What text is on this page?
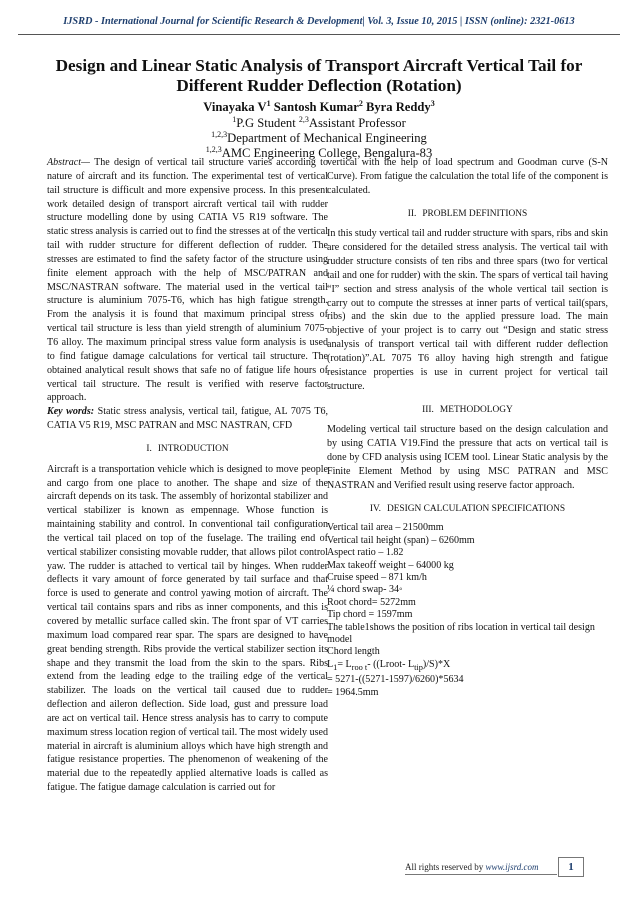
IJSRD - International Journal for Scientific Research & Development| Vol. 3, Issue 10, 2015 | ISSN (online): 2321-0613
Design and Linear Static Analysis of Transport Aircraft Vertical Tail for Different Rudder Deflection (Rotation)
Vinayaka $V^1$ Santosh Kumar$^2$ Byra Reddy$^3$
$^1$P.G Student $^{2,3}$Assistant Professor
$^{1,2,3}$Department of Mechanical Engineering
$^{1,2,3}$AMC Engineering College, Bengalura-83

Abstract— The design of vertical tail structure varies according to nature of aircraft and its function. The experimental test of vertical tail structure is difficult and more expensive process. In this present work detailed design of transport aircraft vertical tail with rudder structure modelling done by using CATIA V5 R19 software. The static stress analysis is carried out to find the stresses at of the vertical tail with rudder structure for different deflection of rudder. The stresses are estimated to find the safety factor of the structure using finite element approach with the help of MSC/PATRAN and MSC/NASTRAN software. The material used in the vertical tail structure is aluminium 7075-T6, which has high fatigue strength. From the analysis it is found that maximum principal stress of vertical tail structure is less than yield strength of aluminium 7075-T6 alloy. The maximum principal stress value form analysis is used to find fatigue damage calculations for vertical tail structure. The obtained analytical result shows that safe no of fatigue life hours of vertical tail structure. The result is verified with reserve factor approach.

Key words: Static stress analysis, vertical tail, fatigue, AL 7075 T6, CATIA V5 R19, MSC PATRAN and MSC NASTRAN, CFD

I. INTRODUCTION

Aircraft is a transportation vehicle which is designed to move people and cargo from one place to another. The shape and size of the aircraft depends on its task. The assembly of horizontal stabilizer and vertical stabilizer is known as empennage. Whose function is maintaining stability and control. In conventional tail configuration the vertical tail placed on top of the fuselage. The trailing end of vertical stabilizer consisting movable rudder, that allows pilot control yaw. The rudder is attached to vertical tail by hinges. When rudder deflects it vary amount of force generated by tail surface and that force is used to generate and control yawing motion of aircraft. The vertical tail contains spars and ribs as inner components, and this is covered by metallic surface called skin. The front spar of VT carries maximum load compared rear spar. The spars are designed to have great bending strength. Ribs provide the vertical stabilizer section its shape and they transmit the load from the skin to the spars. Ribs extend from the leading edge to the trailing edge of the vertical stabilizer. The loads on the vertical tail caused due to rudder deflection and aileron deflection. Side load, gust and pressure load are act on vertical tail. Hence stress analysis has to carry to compute maximum stress location region of vertical tail. The most widely used material in aircraft is aluminium alloys which have high strength and fatigue resistance properties. The phenomenon of weakening of the material due to the repeatedly applied alternative loads is called as fatigue. The fatigue damage calculation is carried out for

vertical with the help of load spectrum and Goodman curve (S-N Curve). From fatigue the calculation the total life of the component is calculated.

II. PROBLEM DEFINITIONS

In this study vertical tail and rudder structure with spars, ribs and skin are considered for the detailed stress analysis. The vertical tail with rudder structure consists of ten ribs and three spars (two for vertical tail and one for rudder) with the skin. The spars of vertical tail having “I” section and stress analysis of the whole vertical tail section is carry out to compute the stresses at inner parts of vertical tail(spars, ribs) and the skin due to the applied pressure load. The main objective of your project is to carry out “Design and static stress analysis of transport vertical tail with different rudder deflection (rotation)”.AL 7075 T6 alloy having high strength and fatigue resistance properties is use in current project for vertical tail structure.

III. METHODOLOGY

Modeling vertical tail structure based on the design calculation and by using CATIA V19.Find the pressure that acts on vertical tail is done by CFD analysis using ICEM tool. Linear Static analysis by the Finite Element Method by using MSC PATRAN and MSC NASTRAN and Verified result using reserve factor approach.

IV. DESIGN CALCULATION SPECIFICATIONS

Vertical tail area – 21500mm

Vertical tail height (span) – 6260mm

Aspect ratio – 1.82

Max takeoff weight – 64000 kg

Cruise speed – 871 km/h

¼ chord swap- 34◦

Root chord= 5272mm

Tip chord = 1597mm

The table1shows the position of ribs location in vertical tail design model

Chord length

$L_1= L_{roo t}-$ ((Lroot- $L_{tip})/S)*X$

= 5271-((5271-1597)/6260)*5634

= 1964.5mm

All rights reserved by www.ijsrd.com	1
